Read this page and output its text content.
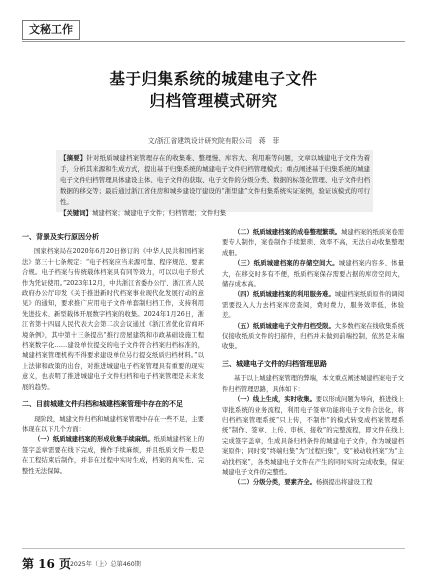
文秘工作
基于归集系统的城建电子文件
归档管理模式研究
文/浙江省建筑设计研究院有限公司　蒋　菲
【摘要】针对纸质城建档案管理存在的收集难、整理慢、库容大、利用难等问题，文章以城建电子文件为着手，分析其来源和生成方式，提出基于归集系统的城建电子文件归档管理模式；重点阐述基于归集系统的城建电子文件归档管理具体建设主体、电子文件的获取、电子文件的分级分类、数据的标签化管理、电子文件归档数据的移交等；最后通过浙江省住房和城乡建设厅建设的“浙里建”文件归集系统实证案例，验证该模式的可行性。
【关键词】城建档案；城建电子文件；归档管理；文件归集

一、背景及实行原因分析

国家档案局在2020年6月20日修订的《中华人民共和国档案法》第三十七条规定：“电子档案应当来源可靠、程序规范、要素合规。电子档案与传统载体档案具有同等效力，可以以电子形式作为凭证使用。”2023年12月，中共浙江省委办公厅、浙江省人民政府办公厅印发《关于推进新时代档案事业现代化发展行动的意见》的通知，要求推广应用电子文件单套制归档工作，支持利用先进技术、新型载体开展数字档案的收集。2024年1月26日，浙江省第十四届人民代表大会第二次会议通过《浙江省优化营商环境条例》，其中第十三条提出“推行房屋建筑和市政基础设施工程档案数字化……建设单位提交的电子文件符合档案归档标准的，城建档案管理机构不得要求建设单位另行提交纸质归档材料。”以上法律和政策的出台，对推进城建电子档案管理具有重要的现实意义，也表明了推进城建电子文件归档和电子档案管理是未来发展的趋势。

二、目前城建文件归档和城建档案管理中存在的不足

现阶段，城建文件归档和城建档案管理中存在一些不足，主要体现在以下几个方面：

（一）纸质城建档案的形成收集手续麻烦。纸质城建档案上的签字盖章需要在线下完成，操作手续麻烦，并且纸质文件一般是在工程结束后制作，并非在过程中实时生成，档案的真实性、完整性无法保障。

（二）纸质城建档案的成卷整理繁琐。城建档案的纸质案卷需要专人制作，案卷制作手续繁琐、效率不高，无法自动收集整理成册。

（三）纸质城建档案的存储空间大。城建档案内容多、体量大，在移交时多有不便，纸质档案保存需要占据的库房空间大，储存成本高。

（四）纸质城建档案的利用服务难。城建档案纸质原件的调阅需要投入人力去档案库房查阅，费时费力，服务效率低，体验差。

（五）纸质城建电子文件归档受限。大多数档案在线收集系统仅接收纸质文件的扫描件，归档并未做到前端控制，依然是末端收集。

三、城建电子文件的归档管理思路

基于以上城建档案管理的弊端，本文重点阐述城建档案电子文件归档管理思路，具体如下：

（一）线上生成，实时收集。要以形成问题为导向，推进线上审批系统的业务流程，利用电子签章功能将电子文件合法化，将归档档案管理系统“只上传，不制作”的模式转变成档案管理系统“制作、签章、上传、审核、接收”的完整流程，即文件在线上完成签字盖章，生成具备归档条件的城建电子文件，作为城建档案原件；同时变“终端归集”为“过程归集”，变“被动收档案”为“主动找档案”，各类城建电子文件在产生的同时实时完成收集，保证城建电子文件的完整性。

（二）分级分类，要素齐全。杨损提出将建设工程

第 16 页
2025年（上）总第460期
